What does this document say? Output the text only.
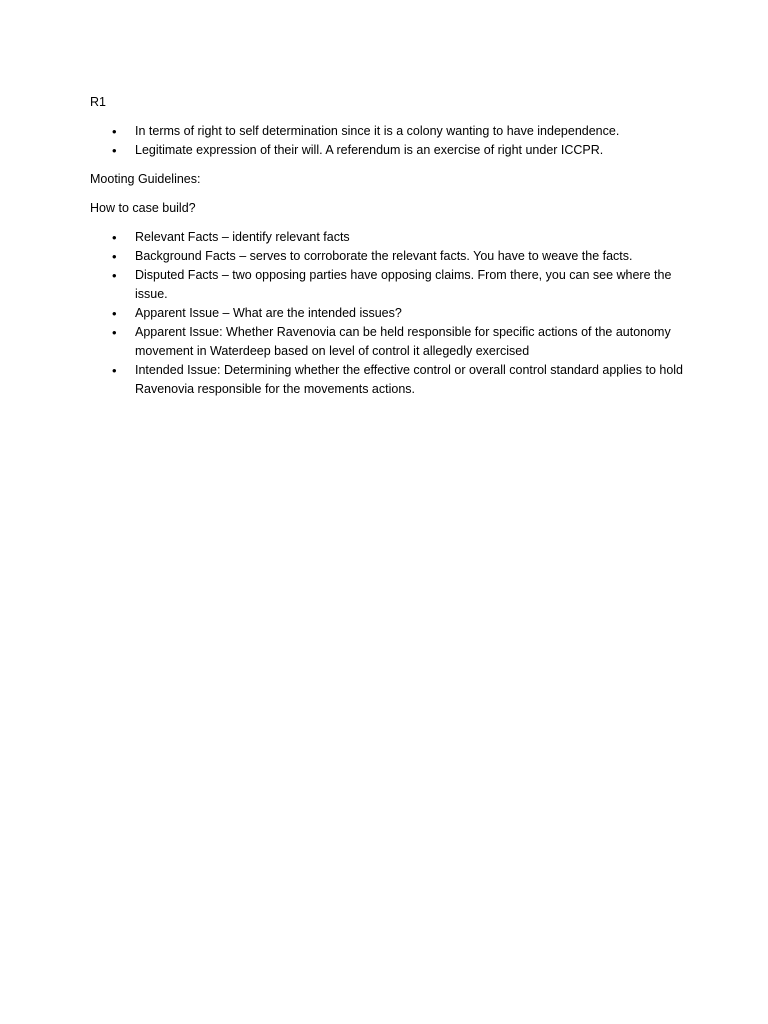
R1

•	In terms of right to self determination since it is a colony wanting to have independence.
•	Legitimate expression of their will. A referendum is an exercise of right under ICCPR.

Mooting Guidelines:

How to case build?

•	Relevant Facts – identify relevant facts
•	Background Facts – serves to corroborate the relevant facts. You have to weave the facts.
•	Disputed Facts – two opposing parties have opposing claims. From there, you can see where the issue.
•	Apparent Issue – What are the intended issues?
•	Apparent Issue: Whether Ravenovia can be held responsible for specific actions of the autonomy movement in Waterdeep based on level of control it allegedly exercised
•	Intended Issue: Determining whether the effective control or overall control standard applies to hold Ravenovia responsible for the movements actions.
